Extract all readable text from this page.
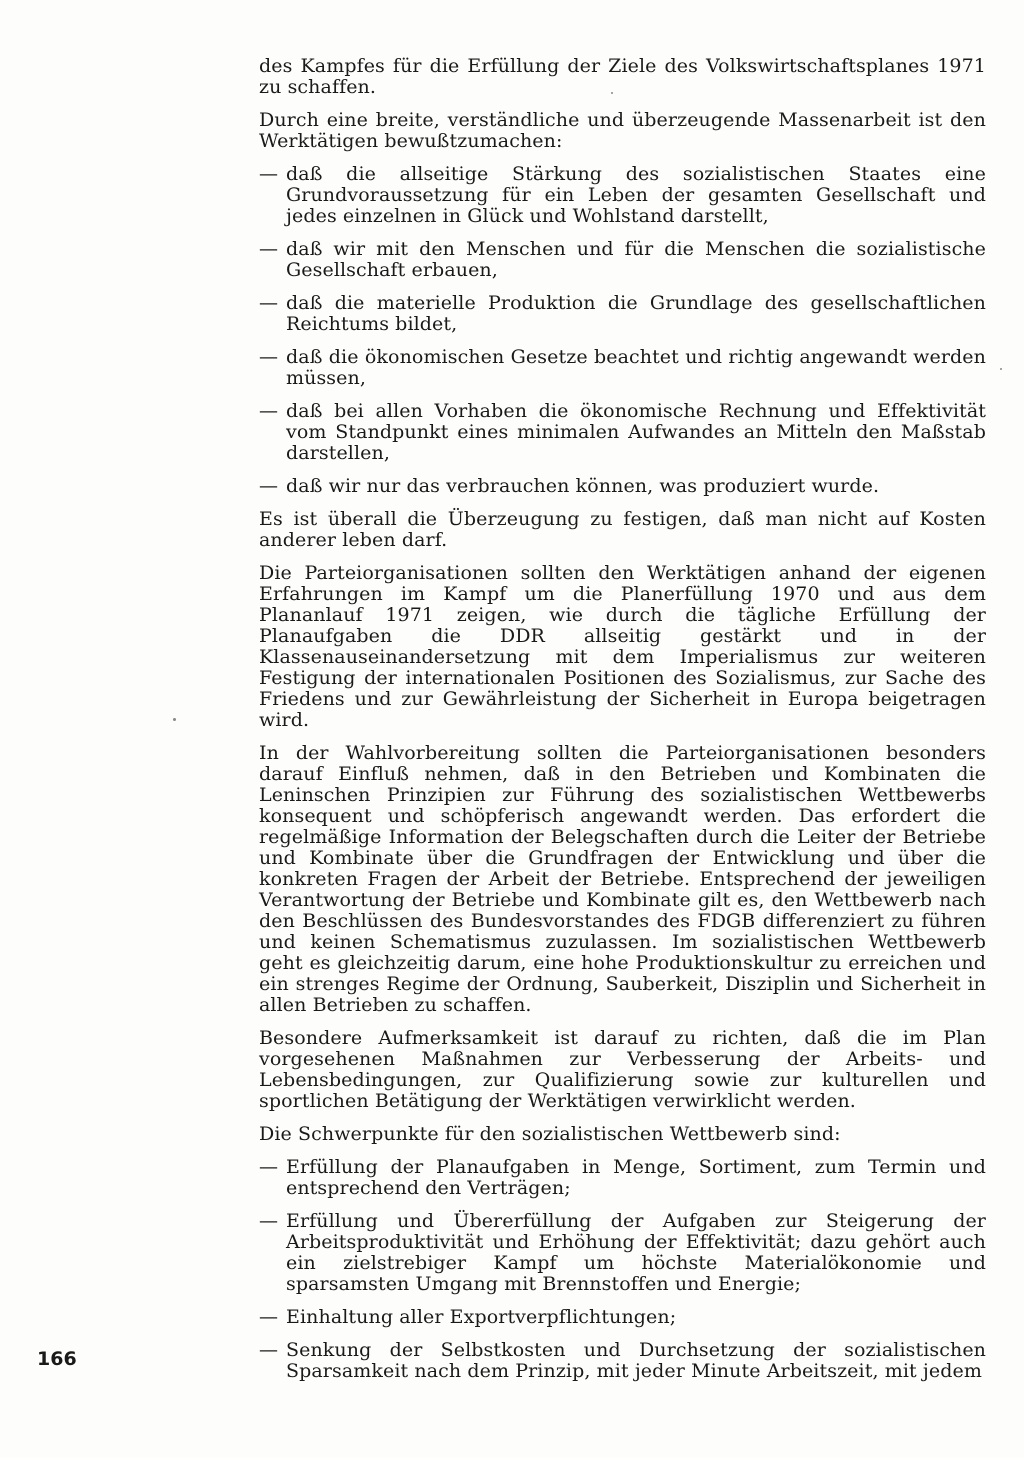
des Kampfes für die Erfüllung der Ziele des Volkswirtschaftsplanes 1971 zu schaffen.

Durch eine breite, verständliche und überzeugende Massenarbeit ist den Werktätigen bewußtzumachen:

— daß die allseitige Stärkung des sozialistischen Staates eine Grundvoraussetzung für ein Leben der gesamten Gesellschaft und jedes einzelnen in Glück und Wohlstand darstellt,
— daß wir mit den Menschen und für die Menschen die sozialistische Gesellschaft erbauen,
— daß die materielle Produktion die Grundlage des gesellschaftlichen Reichtums bildet,
— daß die ökonomischen Gesetze beachtet und richtig angewandt werden müssen,
— daß bei allen Vorhaben die ökonomische Rechnung und Effektivität vom Standpunkt eines minimalen Aufwandes an Mitteln den Maßstab darstellen,
— daß wir nur das verbrauchen können, was produziert wurde.

Es ist überall die Überzeugung zu festigen, daß man nicht auf Kosten anderer leben darf.

Die Parteiorganisationen sollten den Werktätigen anhand der eigenen Erfahrungen im Kampf um die Planerfüllung 1970 und aus dem Plananlauf 1971 zeigen, wie durch die tägliche Erfüllung der Planaufgaben die DDR allseitig gestärkt und in der Klassenauseinandersetzung mit dem Imperialismus zur weiteren Festigung der internationalen Positionen des Sozialismus, zur Sache des Friedens und zur Gewährleistung der Sicherheit in Europa beigetragen wird.

In der Wahlvorbereitung sollten die Parteiorganisationen besonders darauf Einfluß nehmen, daß in den Betrieben und Kombinaten die Leninschen Prinzipien zur Führung des sozialistischen Wettbewerbs konsequent und schöpferisch angewandt werden. Das erfordert die regelmäßige Information der Belegschaften durch die Leiter der Betriebe und Kombinate über die Grundfragen der Entwicklung und über die konkreten Fragen der Arbeit der Betriebe. Entsprechend der jeweiligen Verantwortung der Betriebe und Kombinate gilt es, den Wettbewerb nach den Beschlüssen des Bundesvorstandes des FDGB differenziert zu führen und keinen Schematismus zuzulassen. Im sozialistischen Wettbewerb geht es gleichzeitig darum, eine hohe Produktionskultur zu erreichen und ein strenges Regime der Ordnung, Sauberkeit, Disziplin und Sicherheit in allen Betrieben zu schaffen.

Besondere Aufmerksamkeit ist darauf zu richten, daß die im Plan vorgesehenen Maßnahmen zur Verbesserung der Arbeits- und Lebensbedingungen, zur Qualifizierung sowie zur kulturellen und sportlichen Betätigung der Werktätigen verwirklicht werden.

Die Schwerpunkte für den sozialistischen Wettbewerb sind:

— Erfüllung der Planaufgaben in Menge, Sortiment, zum Termin und entsprechend den Verträgen;
— Erfüllung und Übererfüllung der Aufgaben zur Steigerung der Arbeitsproduktivität und Erhöhung der Effektivität; dazu gehört auch ein zielstrebiger Kampf um höchste Materialökonomie und sparsamsten Umgang mit Brennstoffen und Energie;
— Einhaltung aller Exportverpflichtungen;
— Senkung der Selbstkosten und Durchsetzung der sozialistischen Sparsamkeit nach dem Prinzip, mit jeder Minute Arbeitszeit, mit jedem
166
